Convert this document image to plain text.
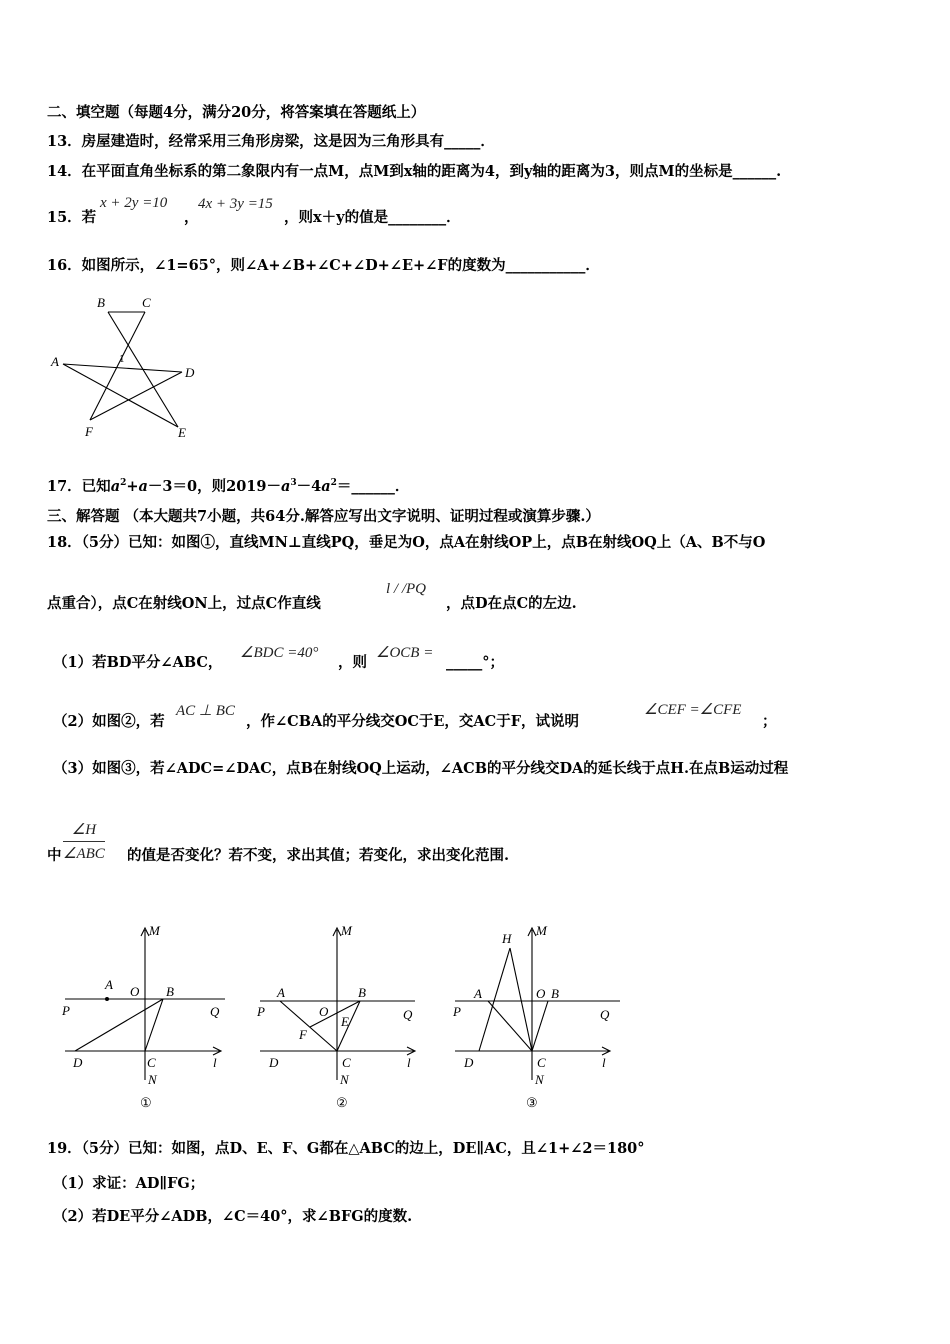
二、填空题（每题4分，满分20分，将答案填在答题纸上）
13．房屋建造时，经常采用三角形房梁，这是因为三角形具有_____．
14．在平面直角坐标系的第二象限内有一点M，点M到x轴的距离为4，到y轴的距离为3，则点M的坐标是______.
15．若
x + 2y =10
，
4x + 3y =15
，则x＋y的值是________．
16．如图所示，∠1=65°，则∠A+∠B+∠C+∠D+∠E+∠F的度数为___________．
B	C
A
D
F	E
1
17．已知$a^2+a-3=0$，则$2019-a^3-4a^2=\_\_\_\_\_\_$．
三、解答题 （本大题共7小题，共64分.解答应写出文字说明、证明过程或演算步骤.）
18．（5分）已知：如图①，直线MN⊥直线PQ，垂足为O，点A在射线OP上，点B在射线OQ上（A、B不与O
点重合），点C在射线ON上，过点C作直线
l / /PQ
，点D在点C的左边.
（1）若BD平分∠ABC，
∠BDC =40°
，则
∠OCB =
_____°；
（2）如图②，若
AC ⊥ BC
，作∠CBA的平分线交OC于E，交AC于F，试说明
∠CEF =∠CFE
；
（3）如图③，若∠ADC=∠DAC，点B在射线OQ上运动，∠ACB的平分线交DA的延长线于点H.在点B运动过程
中
∠H
∠ABC 的值是否变化？若不变，求出其值；若变化，求出变化范围.
M
A O B
P	Q
D	C	l
N
①
M
A	B
O
E
P	Q
F
D	C	l
N
②
H
M
A	O B
P	Q
D	C	l
N
③
19．（5分）已知：如图，点D、E、F、G都在△ABC的边上，DE∥AC，且∠1+∠2＝180°
（1）求证：AD∥FG；
（2）若DE平分∠ADB，∠C＝40°，求∠BFG的度数.
